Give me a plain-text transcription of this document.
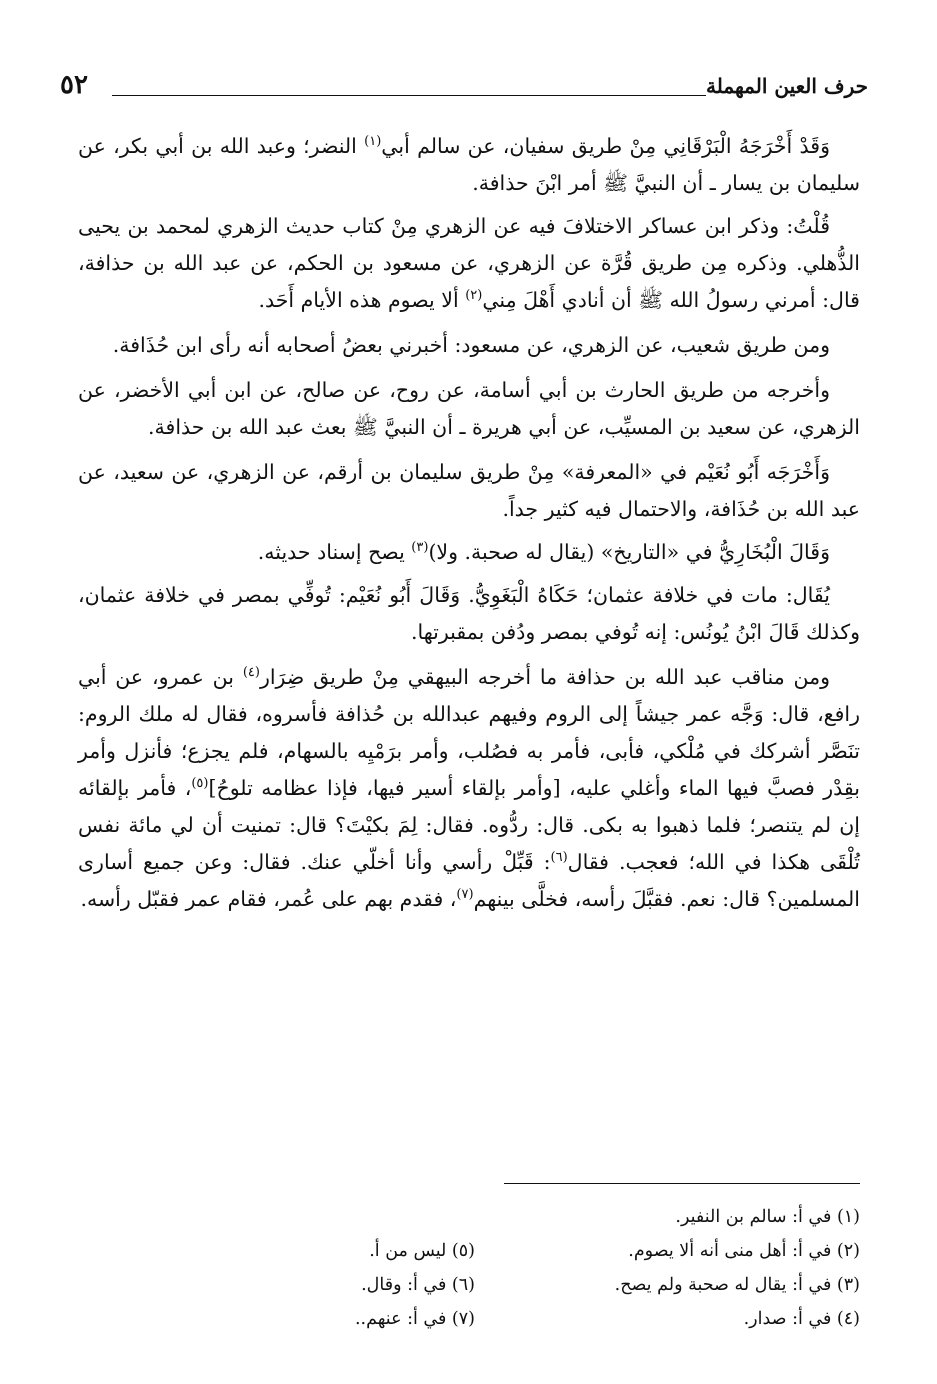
حرف العين المهملة
٥٢

وَقَدْ أَخْرَجَهُ الْبَرْقَانِي مِنْ طريق سفيان، عن سالم أبي$^{(١)}$ النضر؛ وعبد الله بن أبي بكر، عن سليمان بن يسار ـ أن النبيَّ ﷺ أمر ابْنَ حذافة.

قُلْتُ: وذكر ابن عساكر الاختلافَ فيه عن الزهري مِنْ كتاب حديث الزهري لمحمد بن يحيى الذُّهلي. وذكره مِن طريق قُرَّة عن الزهري، عن مسعود بن الحكم، عن عبد الله بن حذافة، قال: أمرني رسولُ الله ﷺ أن أنادي أَهْلَ مِني$^{(٢)}$ ألا يصوم هذه الأيام أَحَد.

ومن طريق شعيب، عن الزهري، عن مسعود: أخبرني بعضُ أصحابه أنه رأى ابن حُذَافة.

وأخرجه من طريق الحارث بن أبي أسامة، عن روح، عن صالح، عن ابن أبي الأخضر، عن الزهري، عن سعيد بن المسيِّب، عن أبي هريرة ـ أن النبيَّ ﷺ بعث عبد الله بن حذافة.

وَأَخْرَجَه أَبُو نُعَيْم في «المعرفة» مِنْ طريق سليمان بن أرقم، عن الزهري، عن سعيد، عن عبد الله بن حُذَافة، والاحتمال فيه كثير جداً.

وَقَالَ الْبُخَارِيُّ في «التاريخ» (يقال له صحبة. ولا)$^{(٣)}$ يصح إسناد حديثه.

يُقَال: مات في خلافة عثمان؛ حَكَاهُ الْبَغَوِيُّ. وَقَالَ أَبُو نُعَيْم: تُوفِّي بمصر في خلافة عثمان، وكذلك قَالَ ابْنُ يُونُس: إنه تُوفي بمصر ودُفن بمقبرتها.

ومن مناقب عبد الله بن حذافة ما أخرجه البيهقي مِنْ طريق ضِرَار$^{(٤)}$ بن عمرو، عن أبي رافع، قال: وَجَّه عمر جيشاً إلى الروم وفيهم عبدالله بن حُذافة فأسروه، فقال له ملك الروم: تنَصَّر أشركك في مُلْكي، فأبى، فأمر به فصُلب، وأمر برَمْيِه بالسهام، فلم يجزع؛ فأنزل وأمر بقِدْر فصبَّ فيها الماء وأغلي عليه، [وأمر بإلقاء أسير فيها، فإذا عظامه تلوحُ]$^{(٥)}$، فأمر بإلقائه إن لم يتنصر؛ فلما ذهبوا به بكى. قال: ردُّوه. فقال: لِمَ بكيْتَ؟ قال: تمنيت أن لي مائة نفس تُلْقَى هكذا في الله؛ فعجب. فقال$^{(٦)}$: قَبِّلْ رأسي وأنا أخلّي عنك. فقال: وعن جميع أسارى المسلمين؟ قال: نعم. فقبَّلَ رأسه، فخلَّى بينهم$^{(٧)}$، فقدم بهم على عُمر، فقام عمر فقبّل رأسه.

(١) في أ: سالم بن النفير.
(٢) في أ: أهل منى أنه ألا يصوم.
(٣) في أ: يقال له صحبة ولم يصح.
(٤) في أ: صدار.
(٥) ليس من أ.
(٦) في أ: وقال.
(٧) في أ: عنهم..
